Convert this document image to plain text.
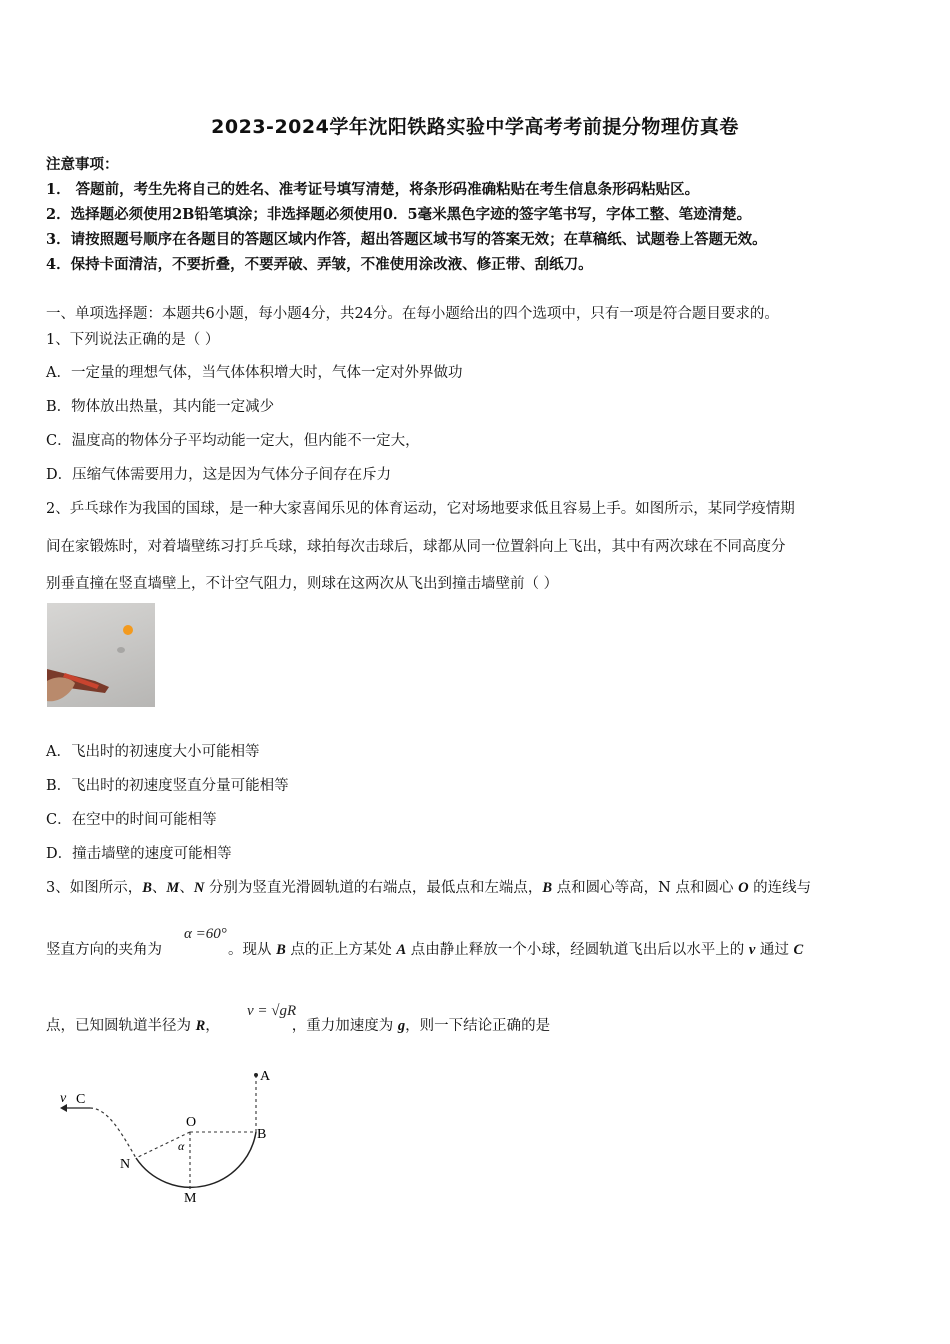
2023-2024学年沈阳铁路实验中学高考考前提分物理仿真卷
注意事项：
1． 答题前，考生先将自己的姓名、准考证号填写清楚，将条形码准确粘贴在考生信息条形码粘贴区。
2．选择题必须使用2B铅笔填涂；非选择题必须使用0．5毫米黑色字迹的签字笔书写，字体工整、笔迹清楚。
3．请按照题号顺序在各题目的答题区域内作答，超出答题区域书写的答案无效；在草稿纸、试题卷上答题无效。
4．保持卡面清洁，不要折叠，不要弄破、弄皱，不准使用涂改液、修正带、刮纸刀。
一、单项选择题：本题共6小题，每小题4分，共24分。在每小题给出的四个选项中，只有一项是符合题目要求的。
1、下列说法正确的是（ ）
A．一定量的理想气体，当气体体积增大时，气体一定对外界做功
B．物体放出热量，其内能一定减少
C．温度高的物体分子平均动能一定大，但内能不一定大，
D．压缩气体需要用力，这是因为气体分子间存在斥力
2、乒乓球作为我国的国球，是一种大家喜闻乐见的体育运动，它对场地要求低且容易上手。如图所示，某同学疫情期
间在家锻炼时，对着墙壁练习打乒乓球，球拍每次击球后，球都从同一位置斜向上飞出，其中有两次球在不同高度分
别垂直撞在竖直墙壁上，不计空气阻力，则球在这两次从飞出到撞击墙壁前（ ）
A．飞出时的初速度大小可能相等
B．飞出时的初速度竖直分量可能相等
C．在空中的时间可能相等
D．撞击墙壁的速度可能相等
3、如图所示，B、M、N 分别为竖直光滑圆轨道的右端点，最低点和左端点，B 点和圆心等高，N 点和圆心 O 的连线与
竖直方向的夹角为	。现从 B 点的正上方某处 A 点由静止释放一个小球，经圆轨道飞出后以水平上的 v 通过 C
α =60°
点，已知圆轨道半径为 R，	，重力加速度为 g，则一下结论正确的是
v = √gR
v C
O
α
B
A
N
M
